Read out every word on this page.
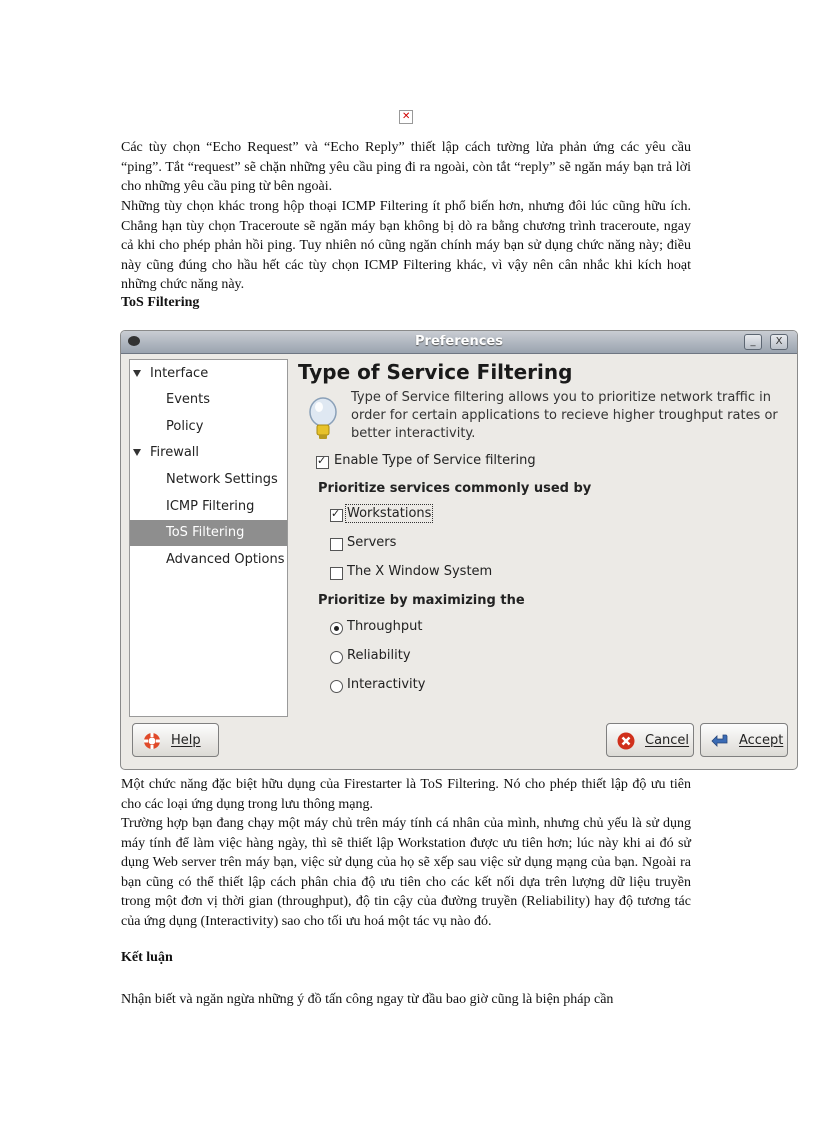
✕

Các tùy chọn “Echo Request” và “Echo Reply” thiết lập cách tường lửa phản ứng các yêu cầu “ping”. Tắt “request” sẽ chặn những yêu cầu ping đi ra ngoài, còn tắt “reply” sẽ ngăn máy bạn trả lời cho những yêu cầu ping từ bên ngoài.

Những tùy chọn khác trong hộp thoại ICMP Filtering ít phổ biến hơn, nhưng đôi lúc cũng hữu ích. Chẳng hạn tùy chọn Traceroute sẽ ngăn máy bạn không bị dò ra bằng chương trình traceroute, ngay cả khi cho phép phản hồi ping. Tuy nhiên nó cũng ngăn chính máy bạn sử dụng chức năng này; điều này cũng đúng cho hầu hết các tùy chọn ICMP Filtering khác, vì vậy nên cân nhắc khi kích hoạt những chức năng này.

ToS Filtering

Preferences	_	X
Interface
Events
Policy
Firewall
Network Settings
ICMP Filtering
ToS Filtering
Advanced Options
Type of Service Filtering
Type of Service filtering allows you to prioritize network traffic in order for certain applications to recieve higher troughput rates or better interactivity.
✓
Enable Type of Service filtering
Prioritize services commonly used by
✓
Workstations
Servers
The X Window System
Prioritize by maximizing the
Throughput
Reliability
Interactivity
Help	Cancel	Accept

Một chức năng đặc biệt hữu dụng của Firestarter là ToS Filtering. Nó cho phép thiết lập độ ưu tiên cho các loại ứng dụng trong lưu thông mạng.

Trường hợp bạn đang chạy một máy chủ trên máy tính cá nhân của mình, nhưng chủ yếu là sử dụng máy tính để làm việc hàng ngày, thì sẽ thiết lập Workstation được ưu tiên hơn; lúc này khi ai đó sử dụng Web server trên máy bạn, việc sử dụng của họ sẽ xếp sau việc sử dụng mạng của bạn. Ngoài ra bạn cũng có thể thiết lập cách phân chia độ ưu tiên cho các kết nối dựa trên lượng dữ liệu truyền trong một đơn vị thời gian (throughput), độ tin cậy của đường truyền (Reliability) hay độ tương tác của ứng dụng (Interactivity) sao cho tối ưu hoá một tác vụ nào đó.

Kết luận

Nhận biết và ngăn ngừa những ý đồ tấn công ngay từ đầu bao giờ cũng là biện pháp cần
